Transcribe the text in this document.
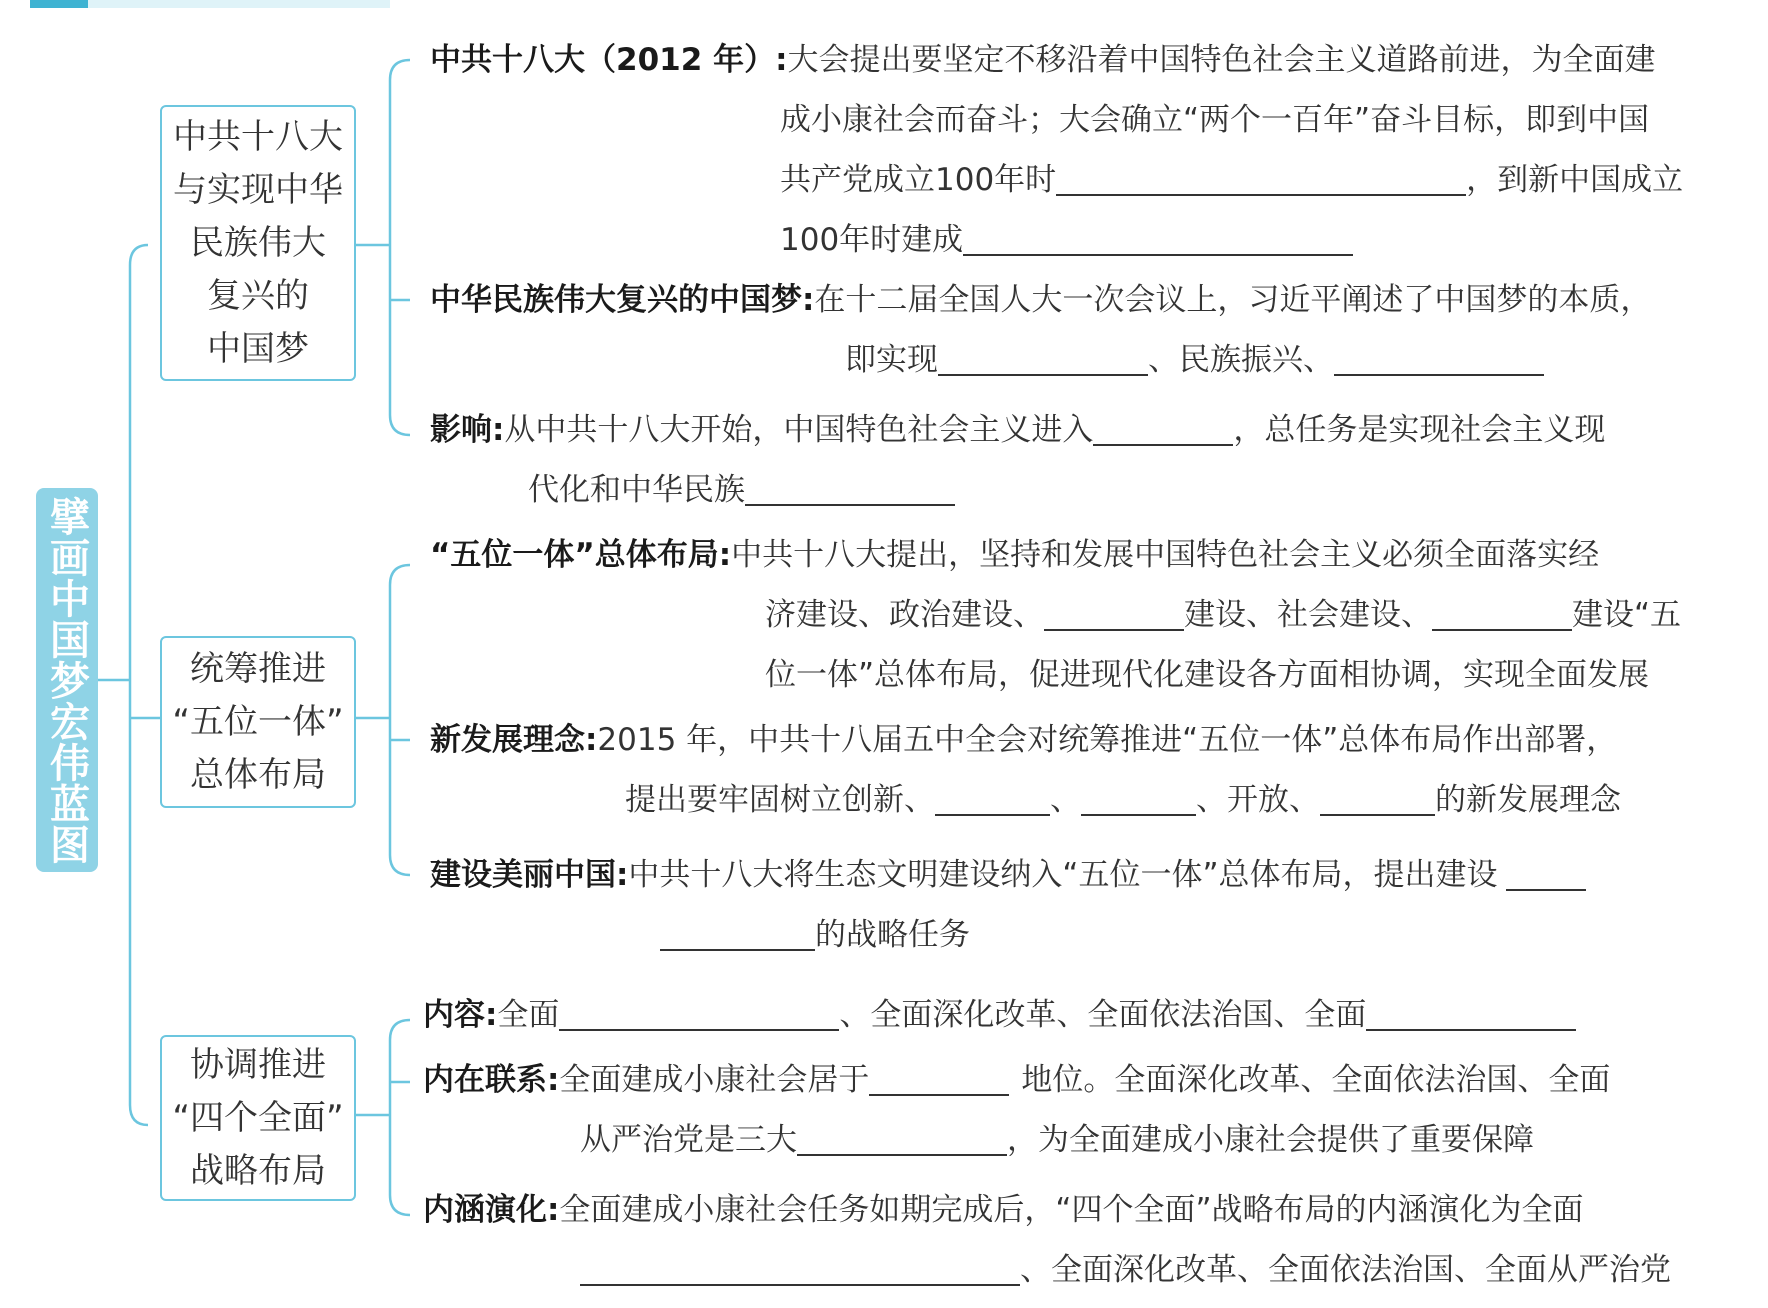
擘画中国梦宏伟蓝图
中共十八大
与实现中华
民族伟大
复兴的
中国梦
统筹推进
“五位一体”
总体布局
协调推进
“四个全面”
战略布局
中共十八大（2012 年）:大会提出要坚定不移沿着中国特色社会主义道路前进，为全面建
成小康社会而奋斗；大会确立“两个一百年”奋斗目标，即到中国
共产党成立100年时	，到新中国成立
100年时建成
中华民族伟大复兴的中国梦:在十二届全国人大一次会议上，习近平阐述了中国梦的本质，
即实现	、民族振兴、
影响:从中共十八大开始，中国特色社会主义进入	，总任务是实现社会主义现
代化和中华民族
“五位一体”总体布局:中共十八大提出，坚持和发展中国特色社会主义必须全面落实经
济建设、政治建设、	建设、社会建设、	建设“五
位一体”总体布局，促进现代化建设各方面相协调，实现全面发展
新发展理念:2015 年，中共十八届五中全会对统筹推进“五位一体”总体布局作出部署，
提出要牢固树立创新、	、	、开放、	的新发展理念
建设美丽中国:中共十八大将生态文明建设纳入“五位一体”总体布局，提出建设
的战略任务
内容:全面	、全面深化改革、全面依法治国、全面
内在联系:全面建成小康社会居于	地位。全面深化改革、全面依法治国、全面
从严治党是三大	，为全面建成小康社会提供了重要保障
内涵演化:全面建成小康社会任务如期完成后，“四个全面”战略布局的内涵演化为全面
、全面深化改革、全面依法治国、全面从严治党
